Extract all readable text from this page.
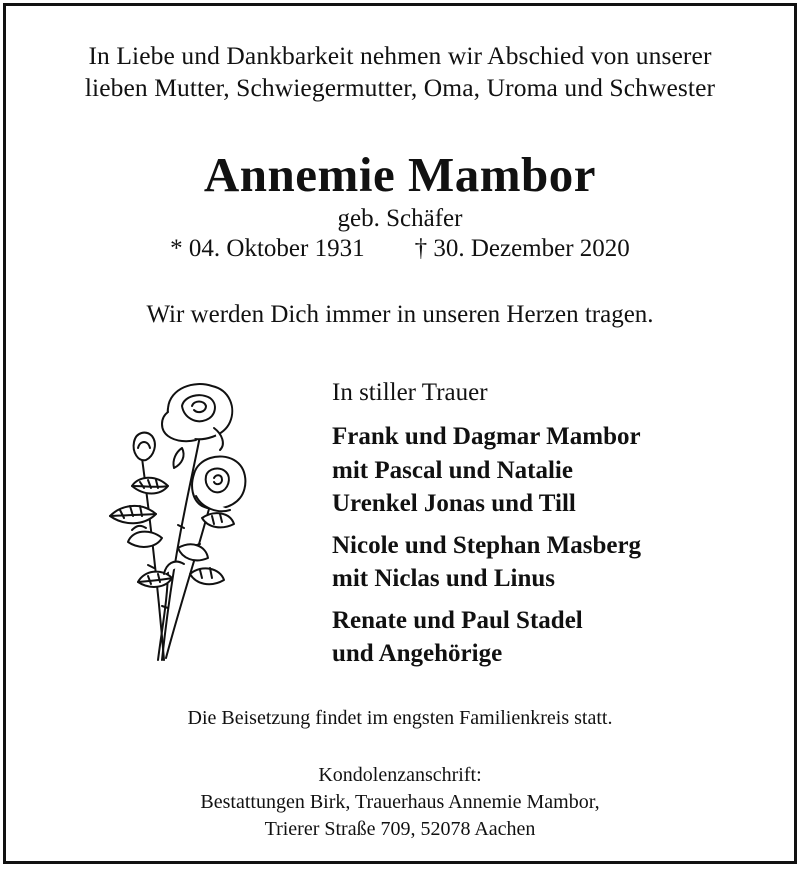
In Liebe und Dankbarkeit nehmen wir Abschied von unserer
lieben Mutter, Schwiegermutter, Oma, Uroma und Schwester
Annemie Mambor
geb. Schäfer
* 04. Oktober 1931 † 30. Dezember 2020
Wir werden Dich immer in unseren Herzen tragen.
In stiller Trauer
Frank und Dagmar Mambor
mit Pascal und Natalie
Urenkel Jonas und Till
Nicole und Stephan Masberg
mit Niclas und Linus
Renate und Paul Stadel
und Angehörige
Die Beisetzung findet im engsten Familienkreis statt.
Kondolenzanschrift:
Bestattungen Birk, Trauerhaus Annemie Mambor,
Trierer Straße 709, 52078 Aachen
